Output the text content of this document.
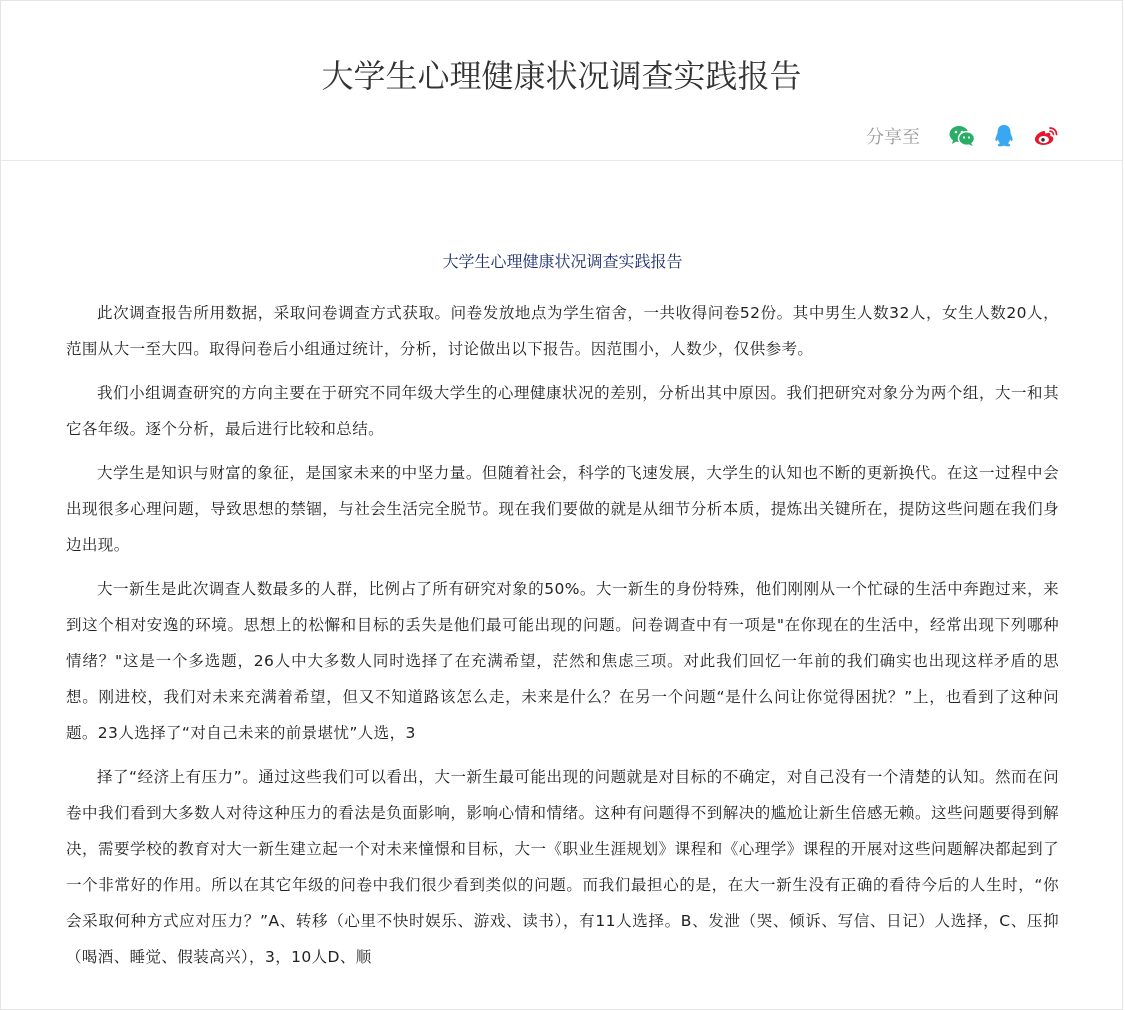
大学生心理健康状况调查实践报告
分享至
大学生心理健康状况调查实践报告

此次调查报告所用数据，采取问卷调查方式获取。问卷发放地点为学生宿舍，一共收得问卷52份。其中男生人数32人，女生人数20人，范围从大一至大四。取得问卷后小组通过统计，分析，讨论做出以下报告。因范围小，人数少，仅供参考。

我们小组调查研究的方向主要在于研究不同年级大学生的心理健康状况的差别，分析出其中原因。我们把研究对象分为两个组，大一和其它各年级。逐个分析，最后进行比较和总结。

大学生是知识与财富的象征，是国家未来的中坚力量。但随着社会，科学的飞速发展，大学生的认知也不断的更新换代。在这一过程中会出现很多心理问题，导致思想的禁锢，与社会生活完全脱节。现在我们要做的就是从细节分析本质，提炼出关键所在，提防这些问题在我们身边出现。

大一新生是此次调查人数最多的人群，比例占了所有研究对象的50%。大一新生的身份特殊，他们刚刚从一个忙碌的生活中奔跑过来，来到这个相对安逸的环境。思想上的松懈和目标的丢失是他们最可能出现的问题。问卷调查中有一项是"在你现在的生活中，经常出现下列哪种情绪？"这是一个多选题，26人中大多数人同时选择了在充满希望，茫然和焦虑三项。对此我们回忆一年前的我们确实也出现这样矛盾的思想。刚进校，我们对未来充满着希望，但又不知道路该怎么走，未来是什么？在另一个问题“是什么问让你觉得困扰？”上，也看到了这种问题。23人选择了“对自己未来的前景堪忧”人选，3

择了“经济上有压力”。通过这些我们可以看出，大一新生最可能出现的问题就是对目标的不确定，对自己没有一个清楚的认知。然而在问卷中我们看到大多数人对待这种压力的看法是负面影响，影响心情和情绪。这种有问题得不到解决的尴尬让新生倍感无赖。这些问题要得到解决，需要学校的教育对大一新生建立起一个对未来憧憬和目标，大一《职业生涯规划》课程和《心理学》课程的开展对这些问题解决都起到了一个非常好的作用。所以在其它年级的问卷中我们很少看到类似的问题。而我们最担心的是，在大一新生没有正确的看待今后的人生时，“你会采取何种方式应对压力？”A、转移（心里不快时娱乐、游戏、读书），有11人选择。B、发泄（哭、倾诉、写信、日记）人选择，C、压抑（喝酒、睡觉、假装高兴），3，10人D、顺
